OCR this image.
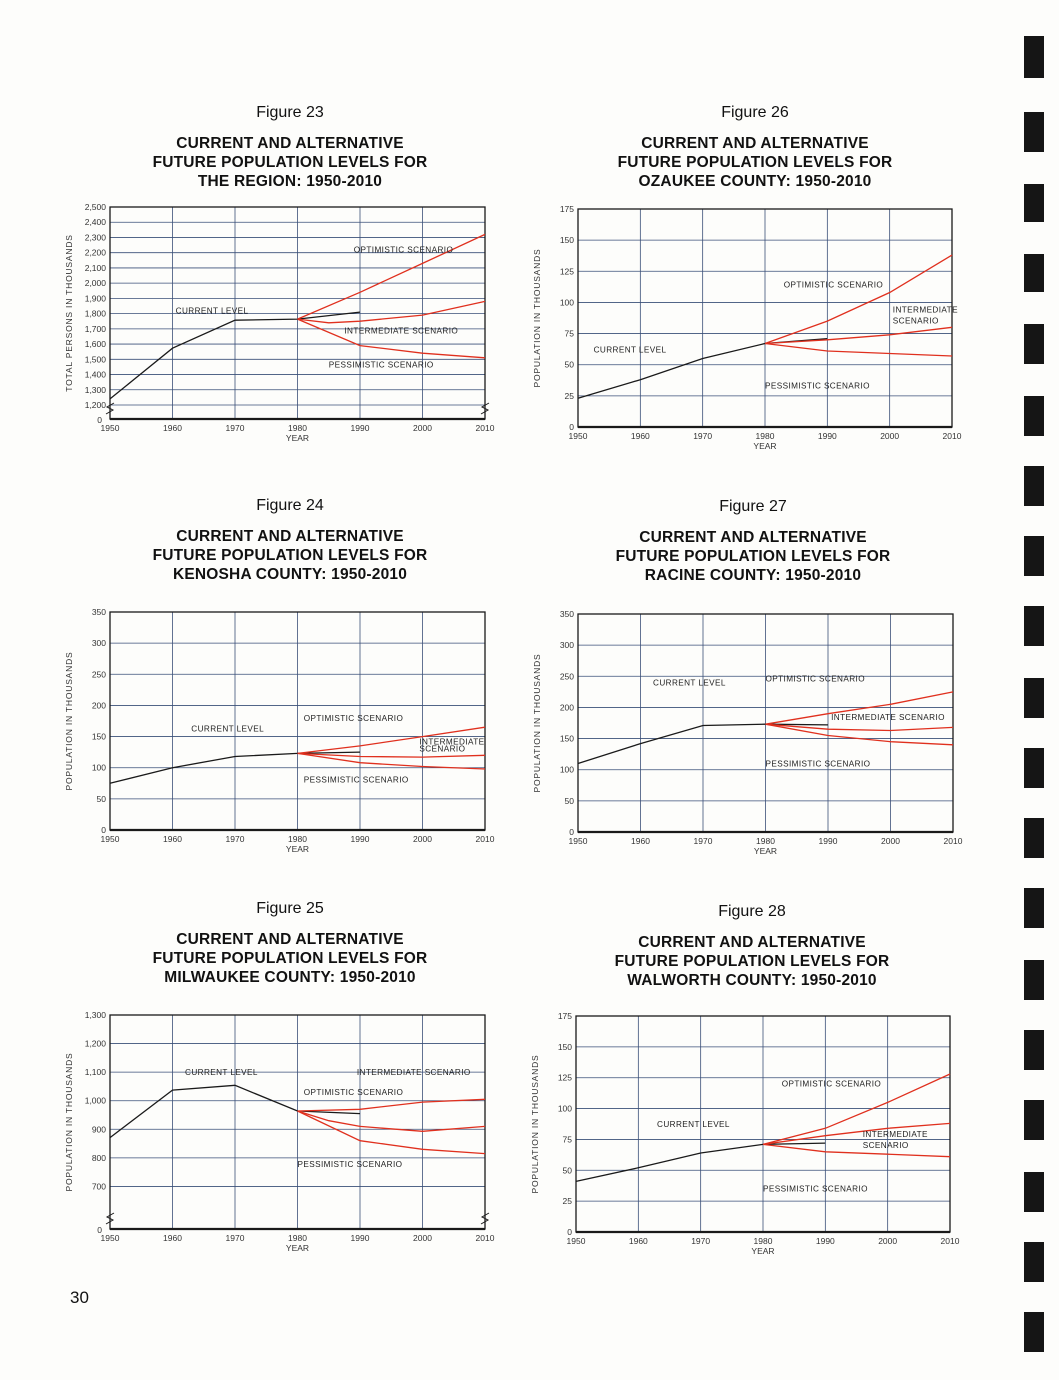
Figure 23

CURRENT AND ALTERNATIVE
FUTURE POPULATION LEVELS FOR
THE REGION: 1950-2010

Figure 24

CURRENT AND ALTERNATIVE
FUTURE POPULATION LEVELS FOR
KENOSHA COUNTY: 1950-2010

Figure 25

CURRENT AND ALTERNATIVE
FUTURE POPULATION LEVELS FOR
MILWAUKEE COUNTY: 1950-2010

Figure 26

CURRENT AND ALTERNATIVE
FUTURE POPULATION LEVELS FOR
OZAUKEE COUNTY: 1950-2010

Figure 27

CURRENT AND ALTERNATIVE
FUTURE POPULATION LEVELS FOR
RACINE COUNTY: 1950-2010

Figure 28

CURRENT AND ALTERNATIVE
FUTURE POPULATION LEVELS FOR
WALWORTH COUNTY: 1950-2010

1,200
1,300
1,400
1,500
1,600
1,700
1,800
1,900
2,000
2,100
2,200
2,300
2,400
2,500
0
1950	1960	1970	1980	1990	2000	2010
YEAR
TOTAL PERSONS IN THOUSANDS	OPTIMISTIC SCENARIO
CURRENT LEVEL
INTERMEDIATE SCENARIO
PESSIMISTIC SCENARIO
0
50
100
150
200
250
300
350
1950	1960	1970	1980	1990	2000	2010
YEAR
POPULATION IN THOUSANDS	CURRENT LEVEL
OPTIMISTIC SCENARIO
INTERMEDIATE
SCENARIO
PESSIMISTIC SCENARIO
700
800
900
1,000
1,100
1,200
1,300
0
1950	1960	1970	1980	1990	2000	2010
YEAR
POPULATION IN THOUSANDS	CURRENT LEVEL	INTERMEDIATE SCENARIO
OPTIMISTIC SCENARIO
PESSIMISTIC SCENARIO
0
25
50
75
100
125
150
175
1950	1960	1970	1980	1990	2000	2010
YEAR
POPULATION IN THOUSANDS	OPTIMISTIC SCENARIO
INTERMEDIATE
SCENARIO
CURRENT LEVEL
PESSIMISTIC SCENARIO
0
50
100
150
200
250
300
350
1950	1960	1970	1980	1990	2000	2010
YEAR
POPULATION IN THOUSANDS	CURRENT LEVEL	OPTIMISTIC SCENARIO
INTERMEDIATE SCENARIO
PESSIMISTIC SCENARIO
0
25
50
75
100
125
150
175
1950	1960	1970	1980	1990	2000	2010
YEAR
POPULATION IN THOUSANDS	OPTIMISTIC SCENARIO
CURRENT LEVEL
INTERMEDIATE
SCENARIO
PESSIMISTIC SCENARIO
30
